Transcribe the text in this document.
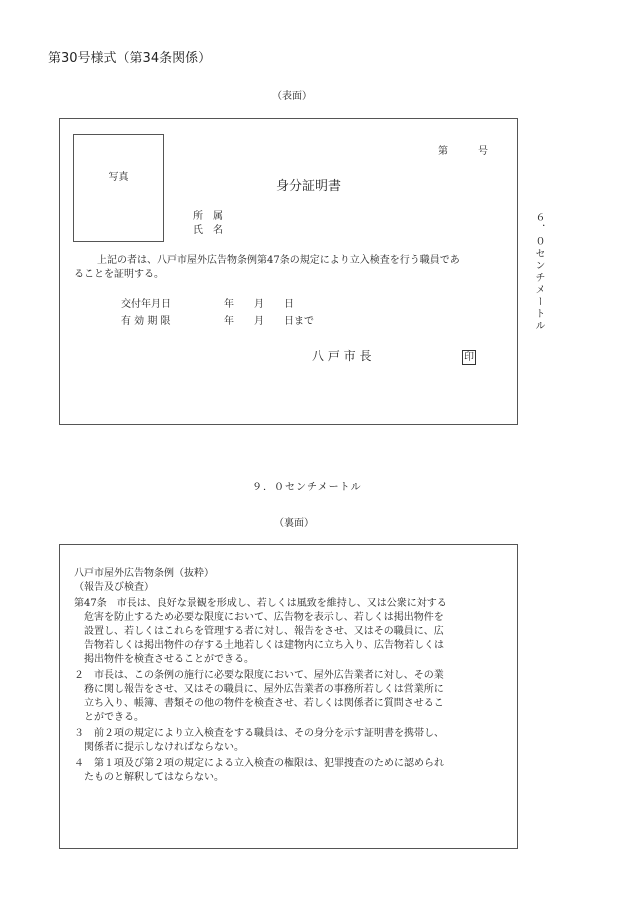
第30号様式（第34条関係）
（表面）
写真
第　　　号
身分証明書
所　属
氏　名
上記の者は、八戸市屋外広告物条例第47条の規定により立入検査を行う職員であ
ることを証明する。
交付年月日	年　　月　　日
有 効 期 限	年　　月　　日まで
八 戸 市 長	印
６．０センチメートル
９．０センチメートル
（裏面）
八戸市屋外広告物条例（抜粋）
（報告及び検査）
第47条　市長は、良好な景観を形成し、若しくは風致を維持し、又は公衆に対する
　危害を防止するため必要な限度において、広告物を表示し、若しくは掲出物件を
　設置し、若しくはこれらを管理する者に対し、報告をさせ、又はその職員に、広
　告物若しくは掲出物件の存する土地若しくは建物内に立ち入り、広告物若しくは
　掲出物件を検査させることができる。
２　市長は、この条例の施行に必要な限度において、屋外広告業者に対し、その業
　務に関し報告をさせ、又はその職員に、屋外広告業者の事務所若しくは営業所に
　立ち入り、帳簿、書類その他の物件を検査させ、若しくは関係者に質問させるこ
　とができる。
３　前２項の規定により立入検査をする職員は、その身分を示す証明書を携帯し、
　関係者に提示しなければならない。
４　第１項及び第２項の規定による立入検査の権限は、犯罪捜査のために認められ
　たものと解釈してはならない。
